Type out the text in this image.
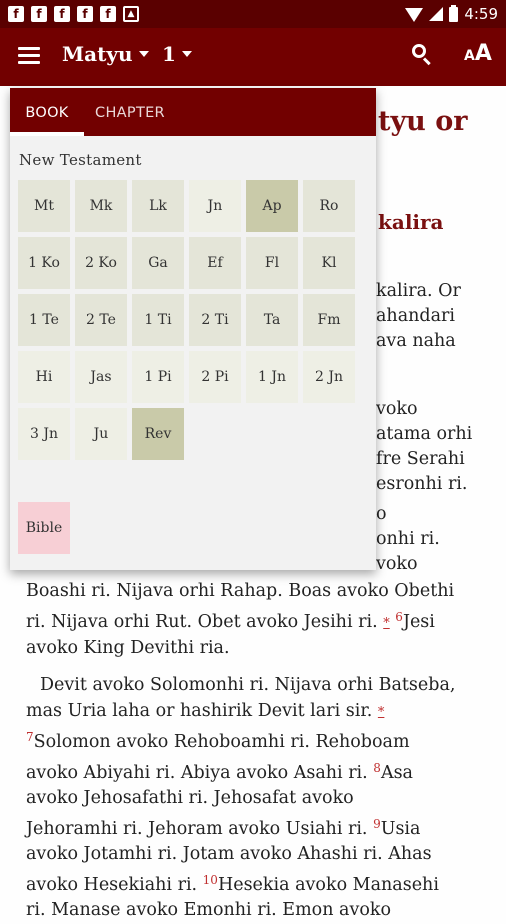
f	f	f	f	f	▲	4:59
Matyu 1	AA
tyu or
kalira
kalira. Or
ahandari
ava naha
vokо
atama orhi
fre Serahi
esronhi ri.
o
onhi ri.
voko
Boashi ri. Nijava orhi Rahap. Boas avoko Obethi
ri. Nijava orhi Rut. Obet avoko Jesihi ri. * $^6$Jesi
avoko King Devithi ria.
Devit avoko Solomonhi ri. Nijava orhi Batseba,
mas Uria laha or hashirik Devit lari sir. *
$^7$Solomon avoko Rehoboamhi ri. Rehoboam
avoko Abiyahi ri. Abiya avoko Asahi ri. $^8$Asa
avoko Jehosafathi ri. Jehosafat avoko
Jehoramhi ri. Jehoram avoko Usiahi ri. $^9$Usia
avoko Jotamhi ri. Jotam avoko Ahashi ri. Ahas
avoko Hesekiahi ri. $^{10}$Hesekia avoko Manasehi
ri. Manase avoko Emonhi ri. Emon avoko
BOOK	CHAPTER
New Testament
Mt	Mk	Lk	Jn	Ap	Ro
1 Ko	2 Ko	Ga	Ef	Fl	Kl
1 Te	2 Te	1 Ti	2 Ti	Ta	Fm
Hi	Jas	1 Pi	2 Pi	1 Jn	2 Jn
3 Jn	Ju	Rev
Bible
